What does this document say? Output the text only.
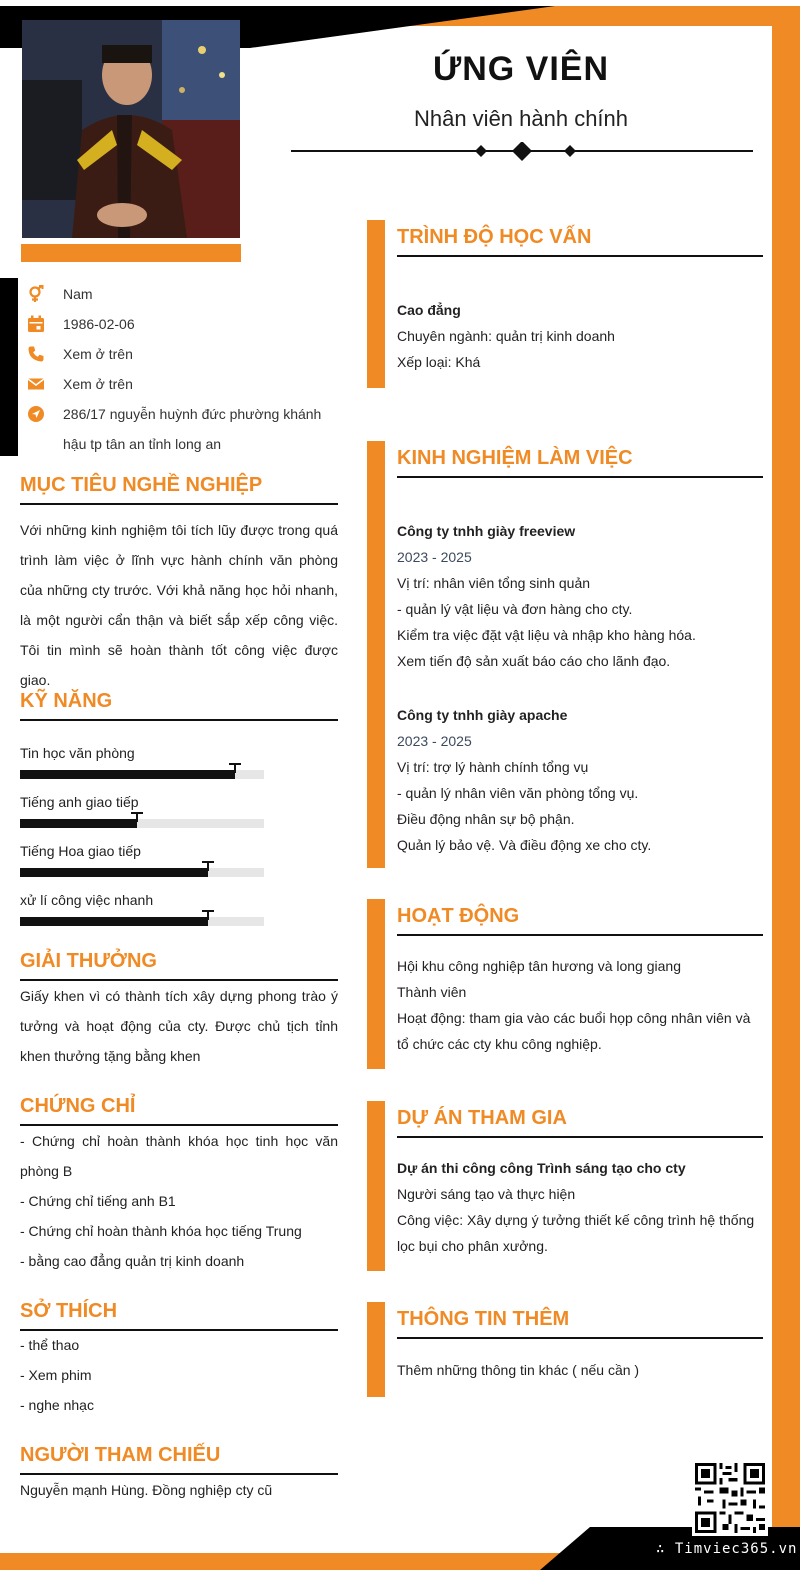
Nam
1986-02-06
Xem ở trên
Xem ở trên
286/17 nguyễn huỳnh đức phường khánh hậu tp tân an tỉnh long an
MỤC TIÊU NGHỀ NGHIỆP

Với những kinh nghiệm tôi tích lũy được trong quá trình làm việc ở lĩnh vực hành chính văn phòng của những cty trước. Với khả năng học hỏi nhanh, là một người cẩn thận và biết sắp xếp công việc. Tôi tin mình sẽ hoàn thành tốt công việc được giao.

KỸ NĂNG
Tin học văn phòng
Tiếng anh giao tiếp
Tiếng Hoa giao tiếp
xử lí công việc nhanh
GIẢI THƯỞNG

Giấy khen vì có thành tích xây dựng phong trào ý tưởng và hoạt động của cty. Được chủ tịch tỉnh khen thưởng tặng bằng khen

CHỨNG CHỈ

- Chứng chỉ hoàn thành khóa học tinh học văn phòng B

- Chứng chỉ tiếng anh B1

- Chứng chỉ hoàn thành khóa học tiếng Trung

- bằng cao đẳng quản trị kinh doanh

SỞ THÍCH

- thể thao

- Xem phim

- nghe nhạc

NGƯỜI THAM CHIẾU

Nguyễn mạnh Hùng. Đồng nghiệp cty cũ

ỨNG VIÊN
Nhân viên hành chính
TRÌNH ĐỘ HỌC VẤN

Cao đẳng

Chuyên ngành: quản trị kinh doanh

Xếp loại: Khá

KINH NGHIỆM LÀM VIỆC

Công ty tnhh giày freeview

2023 - 2025

Vị trí: nhân viên tổng sinh quản

- quản lý vật liệu và đơn hàng cho cty.

Kiểm tra việc đặt vật liệu và nhập kho hàng hóa.

Xem tiến độ sản xuất báo cáo cho lãnh đạo.

Công ty tnhh giày apache

2023 - 2025

Vị trí: trợ lý hành chính tổng vụ

- quản lý nhân viên văn phòng tổng vụ.

Điều động nhân sự bộ phận.

Quản lý bảo vệ. Và điều động xe cho cty.

HOẠT ĐỘNG

Hội khu công nghiệp tân hương và long giang

Thành viên

Hoạt động: tham gia vào các buổi họp công nhân viên và tổ chức các cty khu công nghiệp.

DỰ ÁN THAM GIA

Dự án thi công công Trình sáng tạo cho cty

Người sáng tạo và thực hiện

Công việc: Xây dựng ý tưởng thiết kế công trình hệ thống lọc bụi cho phân xưởng.

THÔNG TIN THÊM

Thêm những thông tin khác ( nếu cần )

∴ Timviec365.vn
